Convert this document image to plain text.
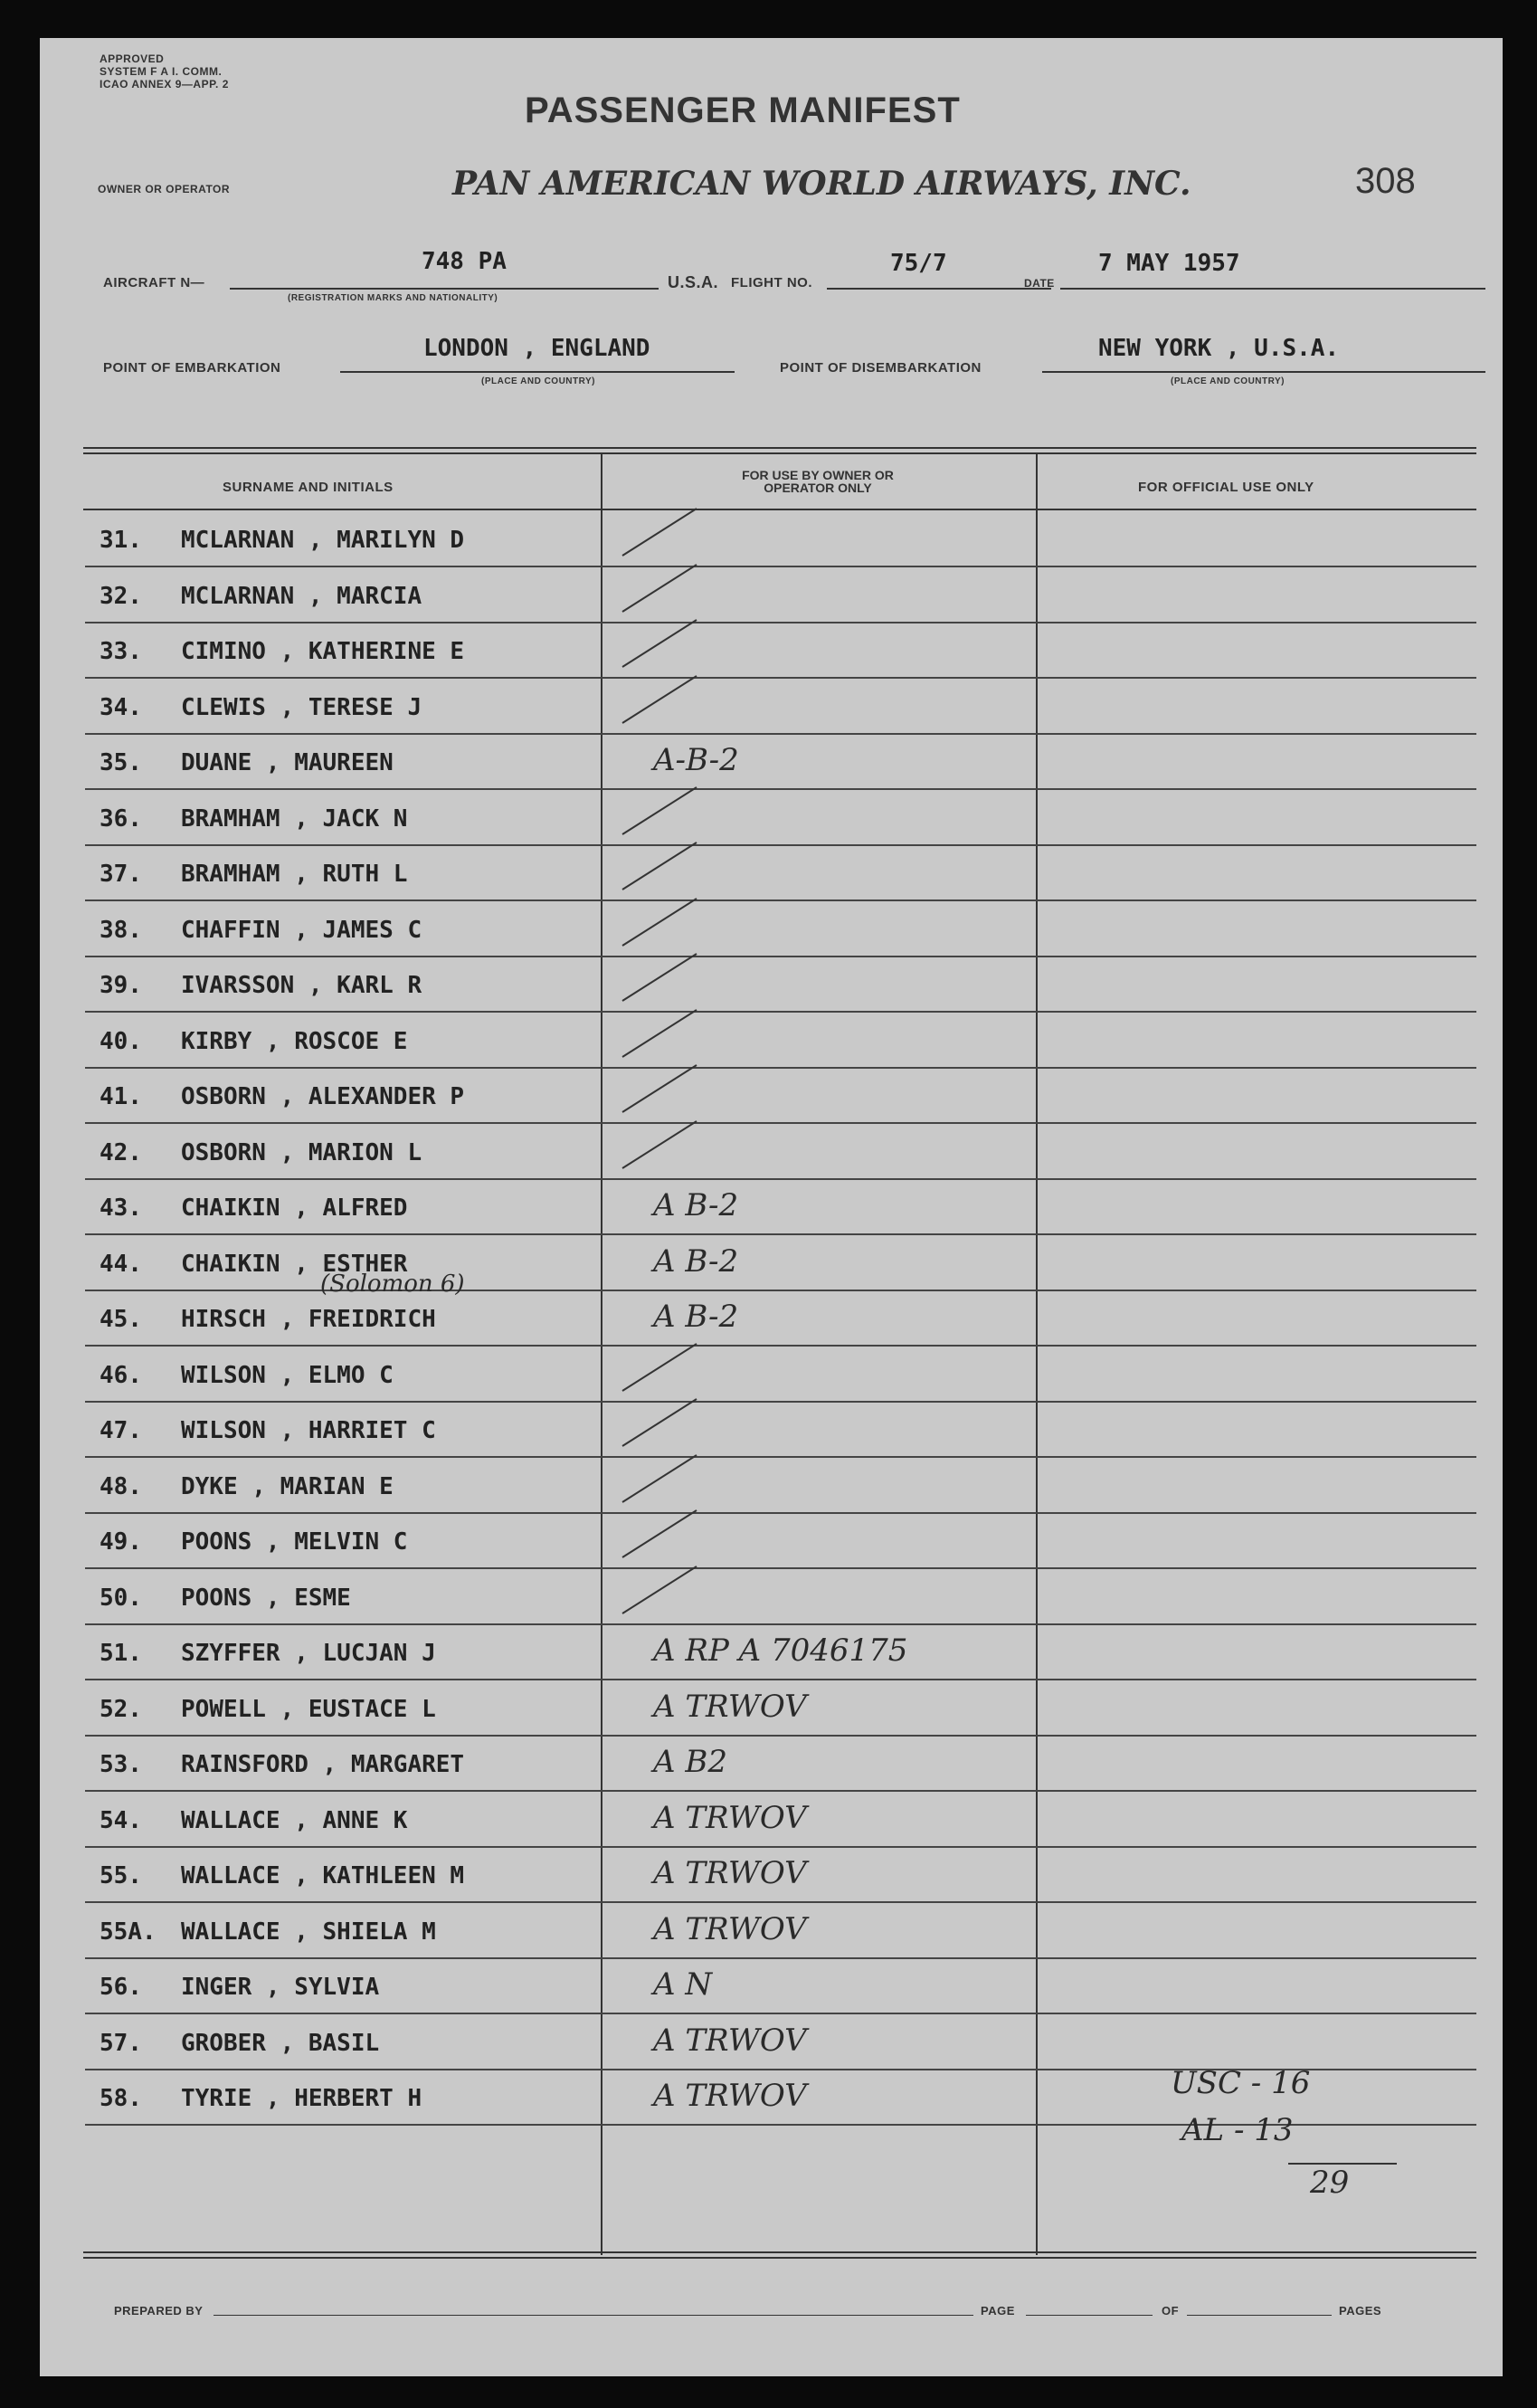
APPROVED
SYSTEM F A I. COMM.
ICAO ANNEX 9—APP. 2
PASSENGER MANIFEST
OWNER OR OPERATOR	PAN AMERICAN WORLD AIRWAYS, INC.	308
AIRCRAFT N—
748 PA
(REGISTRATION MARKS AND NATIONALITY)
U.S.A. FLIGHT NO.
75/7
DATE
7 MAY 1957
POINT OF EMBARKATION
LONDON , ENGLAND
(PLACE AND COUNTRY)
POINT OF DISEMBARKATION
NEW YORK , U.S.A.
(PLACE AND COUNTRY)
SURNAME AND INITIALS
FOR USE BY OWNER OR OPERATOR ONLY	FOR OFFICIAL USE ONLY
31.	MCLARNAN , MARILYN D
32.	MCLARNAN , MARCIA
33.	CIMINO , KATHERINE E
34.	CLEWIS , TERESE J
35.	DUANE , MAUREEN	A-B-2
36.	BRAMHAM , JACK N
37.	BRAMHAM , RUTH L
38.	CHAFFIN , JAMES C
39.	IVARSSON , KARL R
40.	KIRBY , ROSCOE E
41.	OSBORN , ALEXANDER P
42.	OSBORN , MARION L
43.	CHAIKIN , ALFRED	A B-2
44.	CHAIKIN , ESTHER	A B-2
45.	HIRSCH , FREIDRICH	A B-2
46.	WILSON , ELMO C
47.	WILSON , HARRIET C
48.	DYKE , MARIAN E
49.	POONS , MELVIN C
50.	POONS , ESME
51.	SZYFFER , LUCJAN J	A RP A 7046175
52.	POWELL , EUSTACE L	A TRWOV
53.	RAINSFORD , MARGARET	A B2
54.	WALLACE , ANNE K	A TRWOV
55.	WALLACE , KATHLEEN M	A TRWOV
55A.	WALLACE , SHIELA M	A TRWOV
56.	INGER , SYLVIA	A N
57.	GROBER , BASIL	A TRWOV
58.	TYRIE , HERBERT H	A TRWOV
(Solomon 6)
USC - 16
AL - 13
29
PREPARED BY	PAGE	OF	PAGES
